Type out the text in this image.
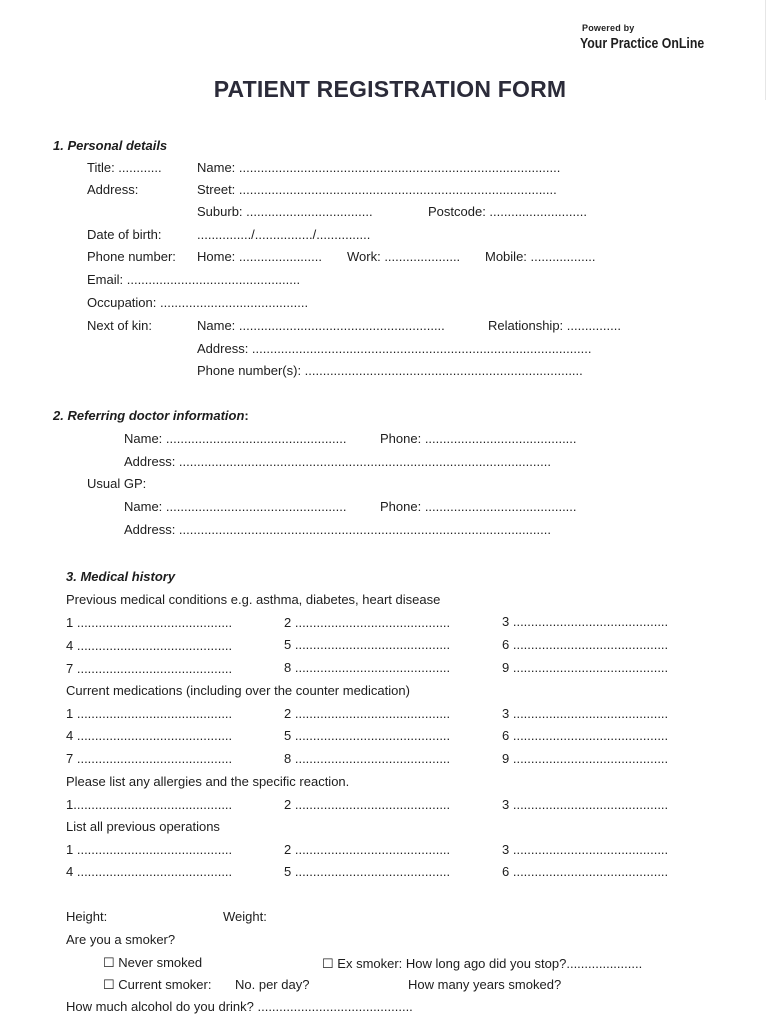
Powered by
Your Practice OnLine
PATIENT REGISTRATION FORM
1. Personal details
Title: ............	Name: .........................................................................................
Address:	Street: ........................................................................................
Suburb: ...................................	Postcode: ...........................
Date of birth:	.............../................/...............
Phone number: Home: ....................... Work: ..................... Mobile: ..................
Email: ................................................
Occupation: .........................................
Next of kin:	Name: .........................................................	Relationship: ...............
Address: ..............................................................................................
Phone number(s): .............................................................................
2. Referring doctor information:
Name: ..................................................	Phone: ..........................................
Address: .......................................................................................................
Usual GP:
Name: ..................................................	Phone: ..........................................
Address: .......................................................................................................
3. Medical history
Previous medical conditions e.g. asthma, diabetes, heart disease
1 ...........................................	2 ...........................................	3 ...........................................
4 ...........................................	5 ...........................................	6 ...........................................
7 ...........................................	8 ...........................................	9 ...........................................
Current medications (including over the counter medication)
1 ...........................................	2 ...........................................	3 ...........................................
4 ...........................................	5 ...........................................	6 ...........................................
7 ...........................................	8 ...........................................	9 ...........................................
Please list any allergies and the specific reaction.
1............................................	2 ...........................................	3 ...........................................
List all previous operations
1 ...........................................	2 ...........................................	3 ...........................................
4 ...........................................	5 ...........................................	6 ...........................................
Height:	Weight:
Are you a smoker?
☐ Never smoked	☐ Ex smoker: How long ago did you stop?.....................
☐ Current smoker: No. per day?	How many years smoked?
How much alcohol do you drink? ...........................................
